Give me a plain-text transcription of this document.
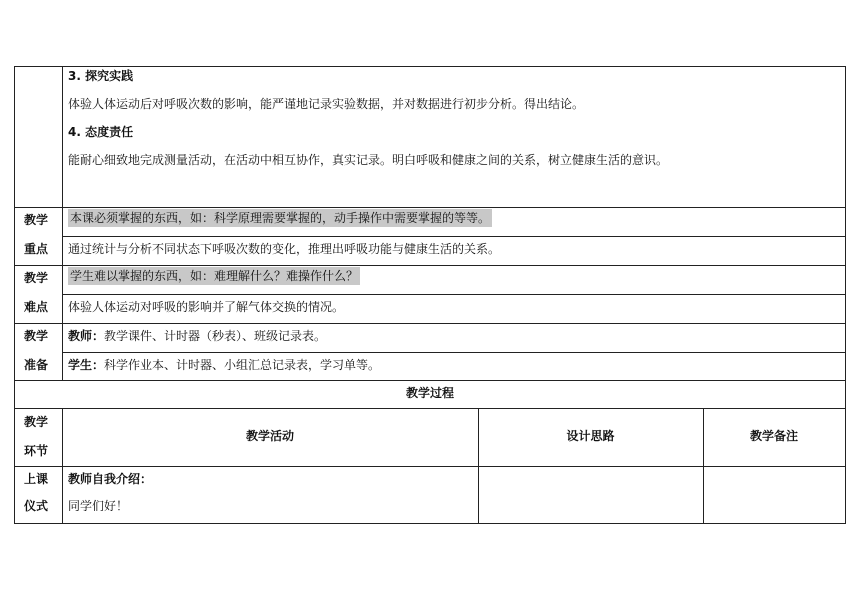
3. 探究实践
体验人体运动后对呼吸次数的影响，能严谨地记录实验数据，并对数据进行初步分析。得出结论。
4. 态度责任
能耐心细致地完成测量活动，在活动中相互协作，真实记录。明白呼吸和健康之间的关系，树立健康生活的意识。
教学
重点
本课必须掌握的东西，如：科学原理需要掌握的，动手操作中需要掌握的等等。
通过统计与分析不同状态下呼吸次数的变化，推理出呼吸功能与健康生活的关系。
教学
难点
学生难以掌握的东西，如：难理解什么？难操作什么？
体验人体运动对呼吸的影响并了解气体交换的情况。
教学
准备
教师：教学课件、计时器（秒表）、班级记录表。
学生：科学作业本、计时器、小组汇总记录表，学习单等。
教学过程
教学
环节
教学活动	设计思路	教学备注
上课
仪式
教师自我介绍：
同学们好！
